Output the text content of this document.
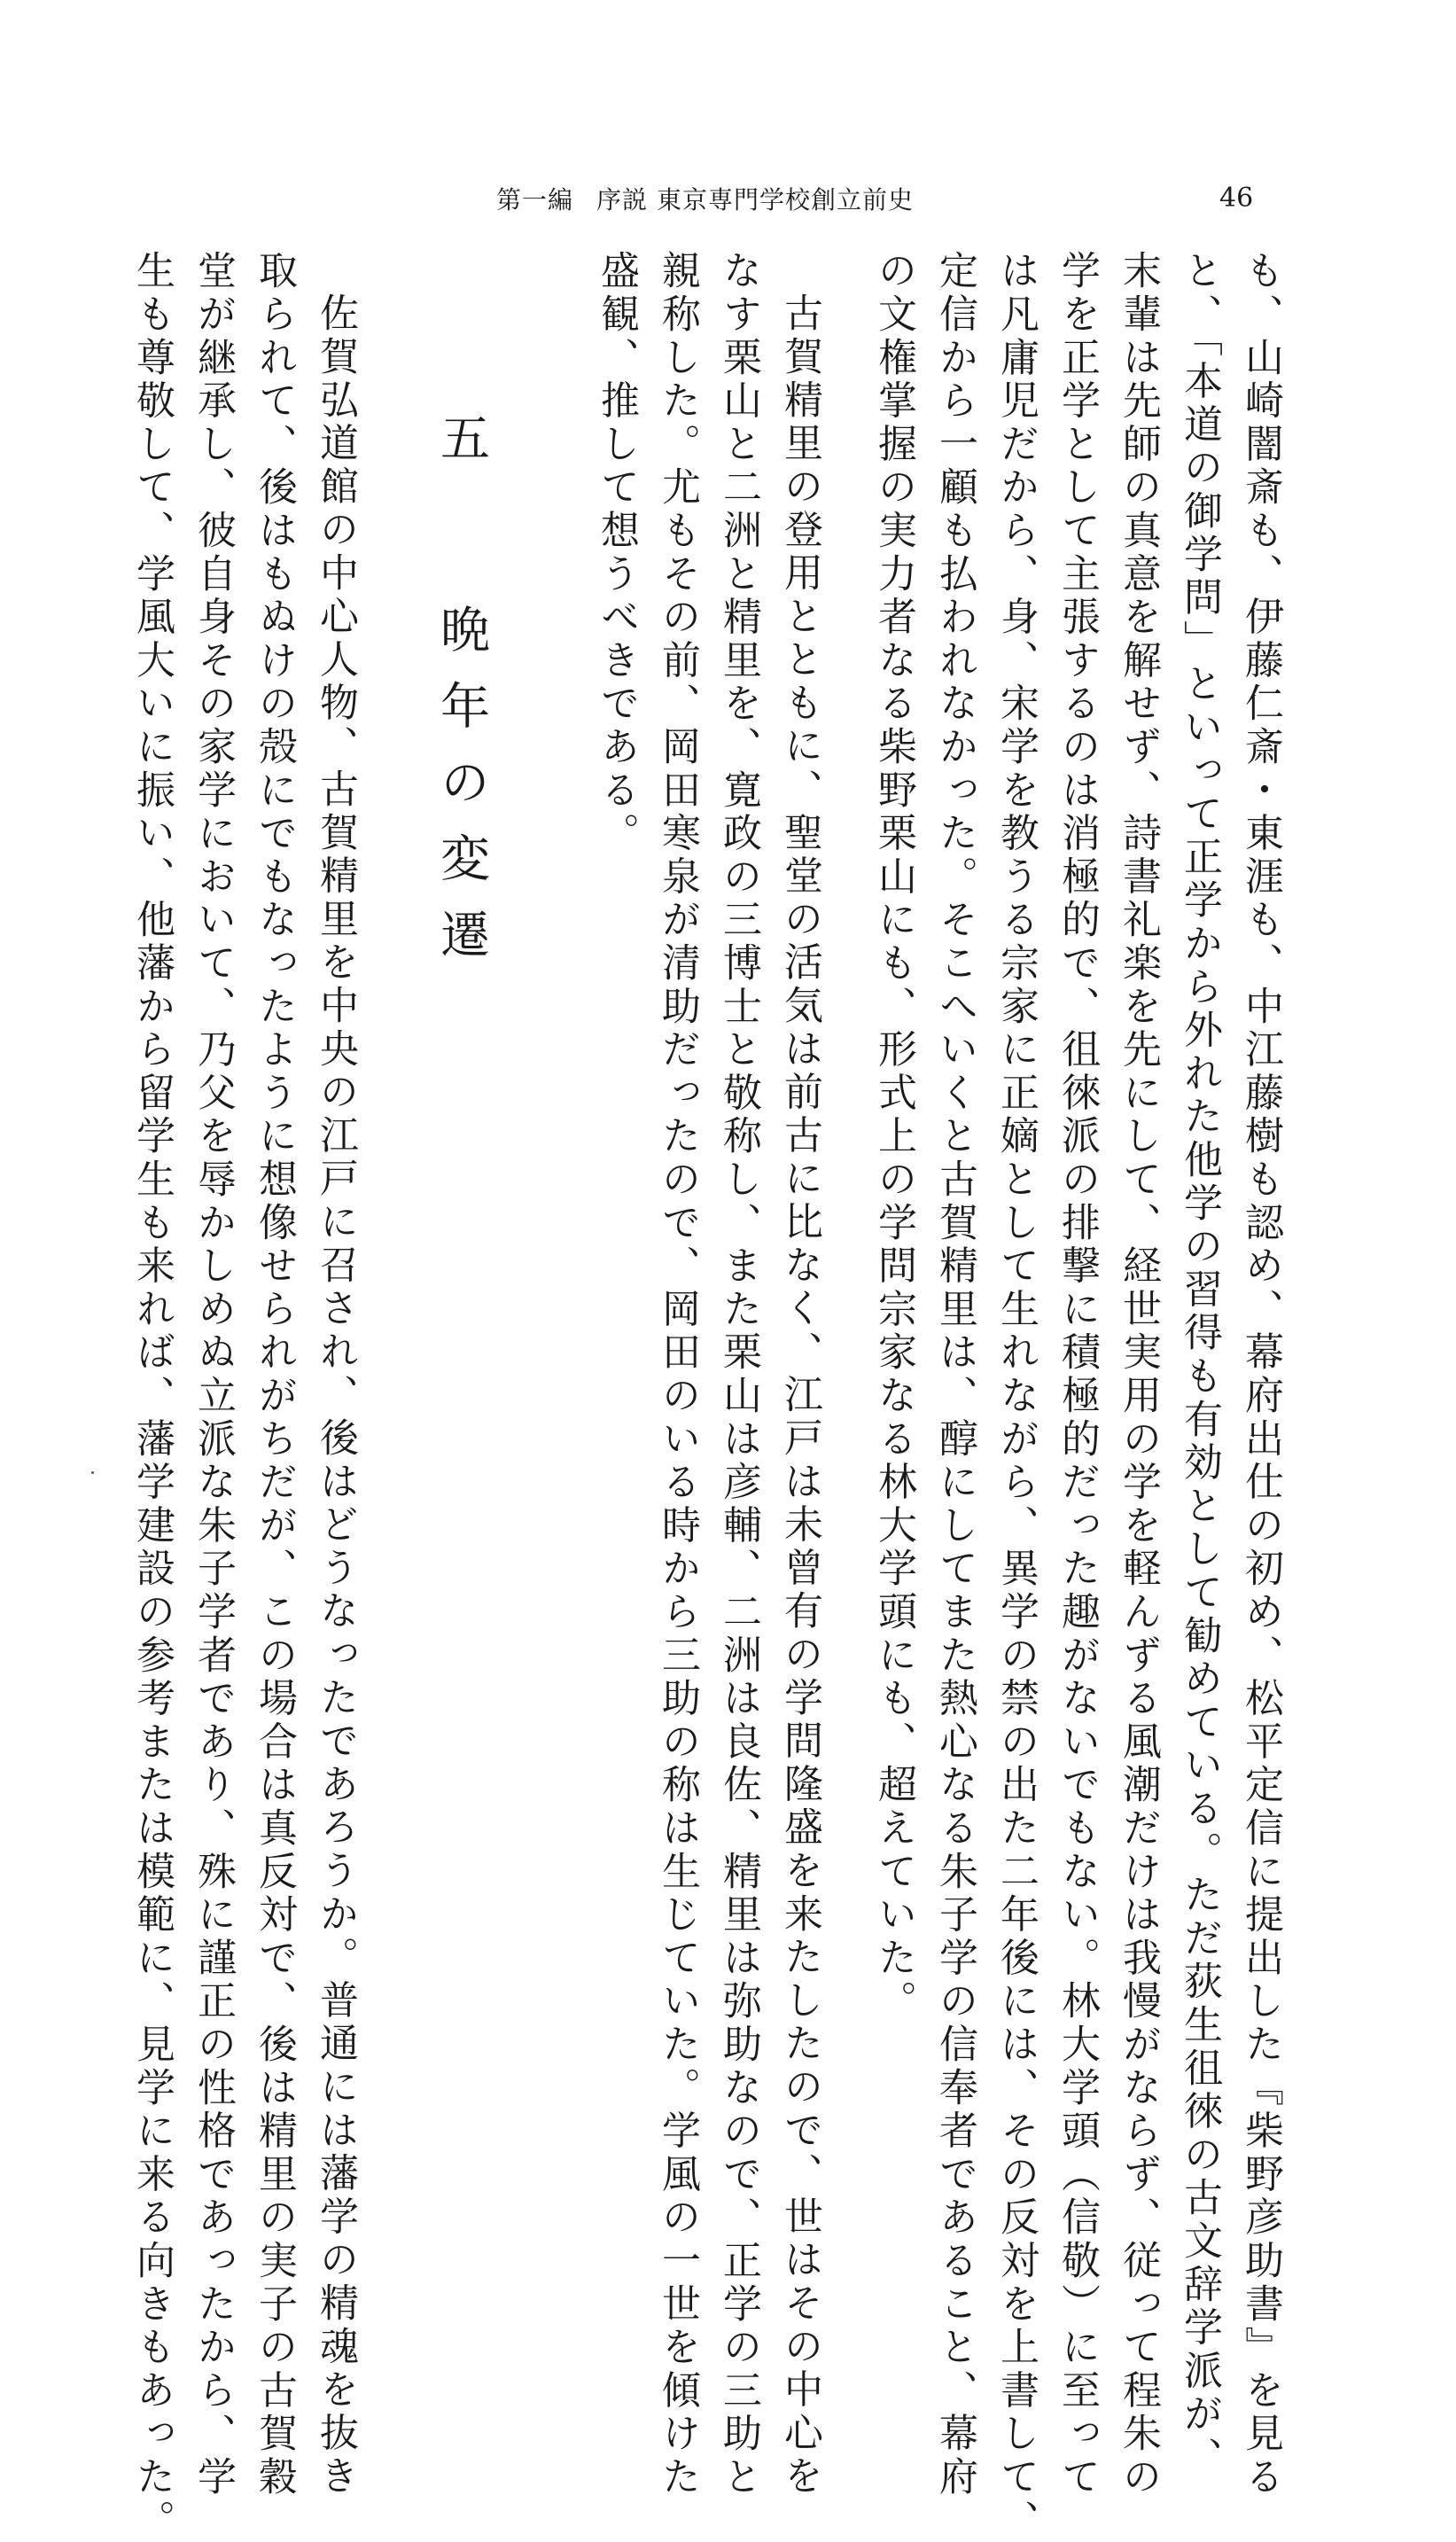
第一編 序説 東京専門学校創立前史	46
も、山崎闇斎も、伊藤仁斎・東涯も、中江藤樹も認め、幕府出仕の初め、松平定信に提出した『柴野彦助書』を見る
と、「本道の御学問」といって正学から外れた他学の習得も有効として勧めている。ただ荻生徂徠の古文辞学派が、
末輩は先師の真意を解せず、詩書礼楽を先にして、経世実用の学を軽んずる風潮だけは我慢がならず、従って程朱の
学を正学として主張するのは消極的で、徂徠派の排撃に積極的だった趣がないでもない。林大学頭（信敬）に至って
は凡庸児だから、身、宋学を教うる宗家に正嫡として生れながら、異学の禁の出た二年後には、その反対を上書して、
定信から一顧も払われなかった。そこへいくと古賀精里は、醇にしてまた熱心なる朱子学の信奉者であること、幕府
の文権掌握の実力者なる柴野栗山にも、形式上の学問宗家なる林大学頭にも、超えていた。
古賀精里の登用とともに、聖堂の活気は前古に比なく、江戸は未曾有の学問隆盛を来たしたので、世はその中心を
なす栗山と二洲と精里を、寛政の三博士と敬称し、また栗山は彦輔、二洲は良佐、精里は弥助なので、正学の三助と
親称した。尤もその前、岡田寒泉が清助だったので、岡田のいる時から三助の称は生じていた。学風の一世を傾けた
盛観、推して想うべきである。
五　晩年の変遷
佐賀弘道館の中心人物、古賀精里を中央の江戸に召され、後はどうなったであろうか。普通には藩学の精魂を抜き
取られて、後はもぬけの殻にでもなったように想像せられがちだが、この場合は真反対で、後は精里の実子の古賀穀
堂が継承し、彼自身その家学において、乃父を辱かしめぬ立派な朱子学者であり、殊に謹正の性格であったから、学
生も尊敬して、学風大いに振い、他藩から留学生も来れば、藩学建設の参考または模範に、見学に来る向きもあった。
